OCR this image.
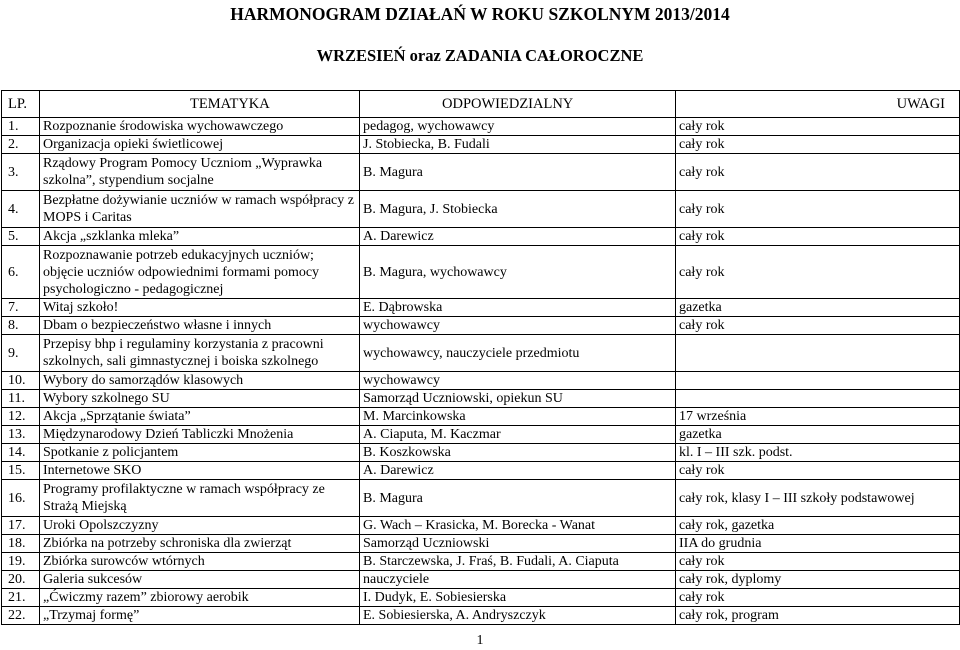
HARMONOGRAM DZIAŁAŃ W ROKU SZKOLNYM 2013/2014
WRZESIEŃ oraz ZADANIA CAŁOROCZNE
LP.	TEMATYKA	ODPOWIEDZIALNY	UWAGI
1.	Rozpoznanie środowiska wychowawczego	pedagog, wychowawcy	cały rok
2.	Organizacja opieki świetlicowej	J. Stobiecka, B. Fudali	cały rok
3.	Rządowy Program Pomocy Uczniom „Wyprawka szkolna”, stypendium socjalne	B. Magura	cały rok
4.	Bezpłatne dożywianie uczniów w ramach współpracy z MOPS i Caritas	B. Magura, J. Stobiecka	cały rok
5.	Akcja „szklanka mleka”	A. Darewicz	cały rok
6.	Rozpoznawanie potrzeb edukacyjnych uczniów; objęcie uczniów odpowiednimi formami pomocy psychologiczno - pedagogicznej	B. Magura, wychowawcy	cały rok
7.	Witaj szkoło!	E. Dąbrowska	gazetka
8.	Dbam o bezpieczeństwo własne i innych	wychowawcy	cały rok
9.	Przepisy bhp i regulaminy korzystania z pracowni szkolnych, sali gimnastycznej i boiska szkolnego	wychowawcy, nauczyciele przedmiotu	
10.	Wybory do samorządów klasowych	wychowawcy	
11.	Wybory szkolnego SU	Samorząd Uczniowski, opiekun SU	
12.	Akcja „Sprzątanie świata”	M. Marcinkowska	17 września
13.	Międzynarodowy Dzień Tabliczki Mnożenia	A. Ciaputa, M. Kaczmar	gazetka
14.	Spotkanie z policjantem	B. Koszkowska	kl. I – III szk. podst.
15.	Internetowe SKO	A. Darewicz	cały rok
16.	Programy profilaktyczne w ramach współpracy ze Strażą Miejską	B. Magura	cały rok, klasy I – III szkoły podstawowej
17.	Uroki Opolszczyzny	G. Wach – Krasicka, M. Borecka - Wanat	cały rok, gazetka
18.	Zbiórka na potrzeby schroniska dla zwierząt	Samorząd Uczniowski	IIA do grudnia
19.	Zbiórka surowców wtórnych	B. Starczewska, J. Fraś, B. Fudali, A. Ciaputa	cały rok
20.	Galeria sukcesów	nauczyciele	cały rok, dyplomy
21.	„Ćwiczmy razem” zbiorowy aerobik	I. Dudyk, E. Sobiesierska	cały rok
22.	„Trzymaj formę”	E. Sobiesierska, A. Andryszczyk	cały rok, program
1
